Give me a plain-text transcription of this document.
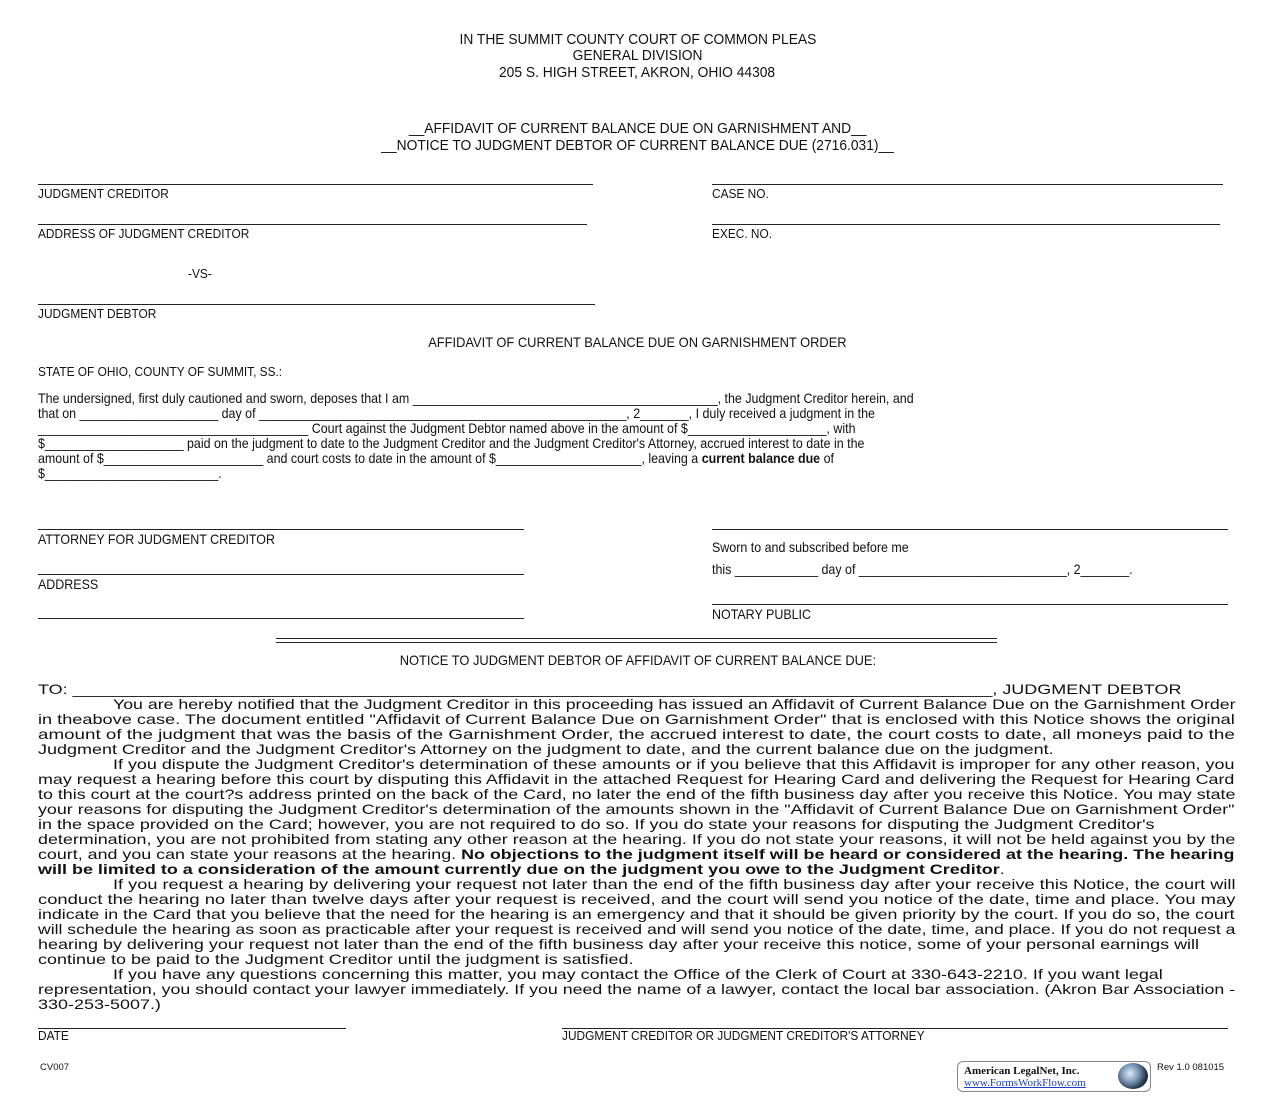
IN THE SUMMIT COUNTY COURT OF COMMON PLEAS
GENERAL DIVISION
205 S. HIGH STREET, AKRON, OHIO 44308
__AFFIDAVIT OF CURRENT BALANCE DUE ON GARNISHMENT AND__
__NOTICE TO JUDGMENT DEBTOR OF CURRENT BALANCE DUE (2716.031)__
JUDGMENT CREDITOR
ADDRESS OF JUDGMENT CREDITOR
CASE NO.
EXEC. NO.
-VS-
JUDGMENT DEBTOR
AFFIDAVIT OF CURRENT BALANCE DUE ON GARNISHMENT ORDER
STATE OF OHIO, COUNTY OF SUMMIT, SS.:
The undersigned, first duly cautioned and sworn, deposes that I am ____________________________________________, the Judgment Creditor herein, and
that on ____________________ day of _____________________________________________________, 2_______, I duly received a judgment in the
_______________________________________ Court against the Judgment Debtor named above in the amount of $____________________, with
$____________________ paid on the judgment to date to the Judgment Creditor and the Judgment Creditor's Attorney, accrued interest to date in the
amount of $_______________________ and court costs to date in the amount of $_____________________, leaving a current balance due of
$_________________________.
ATTORNEY FOR JUDGMENT CREDITOR
ADDRESS
Sworn to and subscribed before me
this ____________ day of ______________________________, 2_______.
NOTARY PUBLIC
NOTICE TO JUDGMENT DEBTOR OF AFFIDAVIT OF CURRENT BALANCE DUE:
TO: ____________________________________________________________________________________________, JUDGMENT DEBTOR
You are hereby notified that the Judgment Creditor in this proceeding has issued an Affidavit of Current Balance Due on the Garnishment Order
in theabove case. The document entitled "Affidavit of Current Balance Due on Garnishment Order" that is enclosed with this Notice shows the original
amount of the judgment that was the basis of the Garnishment Order, the accrued interest to date, the court costs to date, all moneys paid to the
Judgment Creditor and the Judgment Creditor's Attorney on the judgment to date, and the current balance due on the judgment.
If you dispute the Judgment Creditor's determination of these amounts or if you believe that this Affidavit is improper for any other reason, you
may request a hearing before this court by disputing this Affidavit in the attached Request for Hearing Card and delivering the Request for Hearing Card
to this court at the court?s address printed on the back of the Card, no later the end of the fifth business day after you receive this Notice. You may state
your reasons for disputing the Judgment Creditor's determination of the amounts shown in the "Affidavit of Current Balance Due on Garnishment Order"
in the space provided on the Card; however, you are not required to do so. If you do state your reasons for disputing the Judgment Creditor's
determination, you are not prohibited from stating any other reason at the hearing. If you do not state your reasons, it will not be held against you by the
court, and you can state your reasons at the hearing. No objections to the judgment itself will be heard or considered at the hearing. The hearing
will be limited to a consideration of the amount currently due on the judgment you owe to the Judgment Creditor.
If you request a hearing by delivering your request not later than the end of the fifth business day after your receive this Notice, the court will
conduct the hearing no later than twelve days after your request is received, and the court will send you notice of the date, time and place. You may
indicate in the Card that you believe that the need for the hearing is an emergency and that it should be given priority by the court. If you do so, the court
will schedule the hearing as soon as practicable after your request is received and will send you notice of the date, time, and place. If you do not request a
hearing by delivering your request not later than the end of the fifth business day after your receive this notice, some of your personal earnings will
continue to be paid to the Judgment Creditor until the judgment is satisfied.
If you have any questions concerning this matter, you may contact the Office of the Clerk of Court at 330-643-2210. If you want legal
representation, you should contact your lawyer immediately. If you need the name of a lawyer, contact the local bar association. (Akron Bar Association -
330-253-5007.)
DATE	JUDGMENT CREDITOR OR JUDGMENT CREDITOR'S ATTORNEY
CV007	American LegalNet, Inc.
www.FormsWorkFlow.com
Rev 1.0 081015
